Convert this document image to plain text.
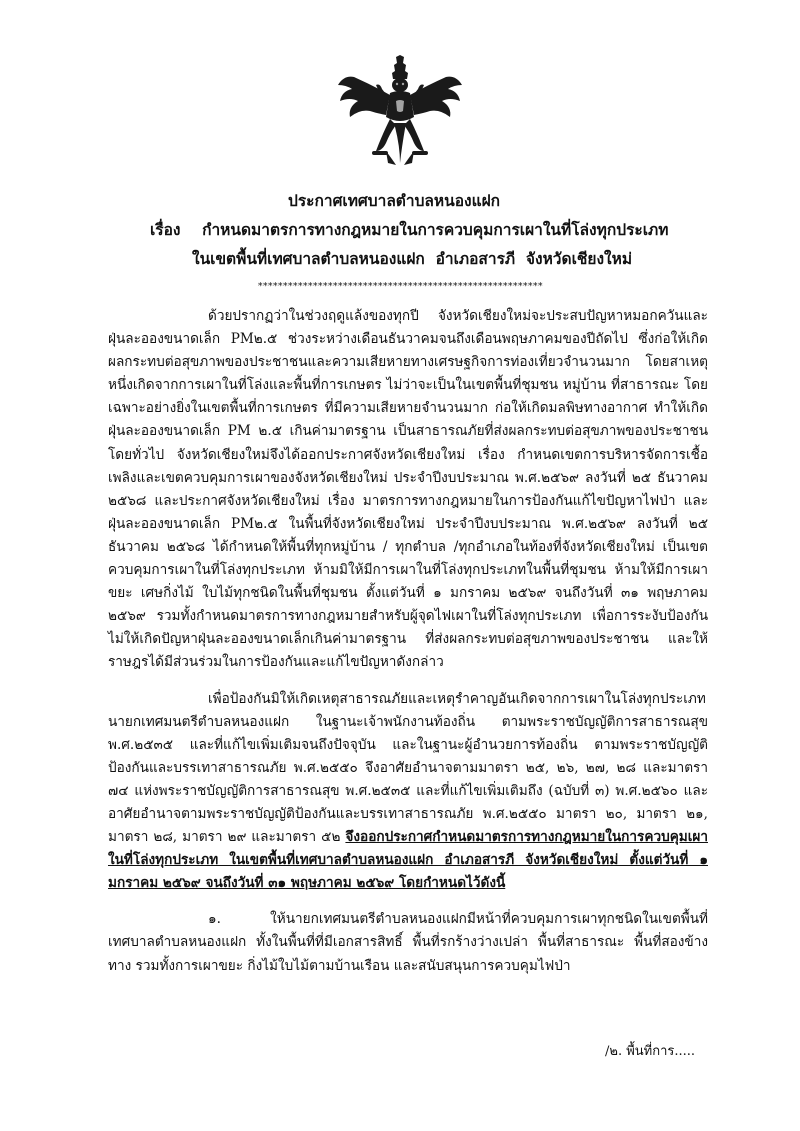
ประกาศเทศบาลตำบลหนองแฝก
เรื่อง    กำหนดมาตรการทางกฎหมายในการควบคุมการเผาในที่โล่งทุกประเภท
ในเขตพื้นที่เทศบาลตำบลหนองแฝก  อำเภอสารภี  จังหวัดเชียงใหม่
*********************************************************

ด้วยปรากฏว่าในช่วงฤดูแล้งของทุกปี จังหวัดเชียงใหม่จะประสบปัญหาหมอกควันและฝุ่นละอองขนาดเล็ก PM๒.๕ ช่วงระหว่างเดือนธันวาคมจนถึงเดือนพฤษภาคมของปีถัดไป ซึ่งก่อให้เกิดผลกระทบต่อสุขภาพของประชาชนและความเสียหายทางเศรษฐกิจการท่องเที่ยวจำนวนมาก โดยสาเหตุหนึ่งเกิดจากการเผาในที่โล่งและพื้นที่การเกษตร ไม่ว่าจะเป็นในเขตพื้นที่ชุมชน หมู่บ้าน ที่สาธารณะ โดยเฉพาะอย่างยิ่งในเขตพื้นที่การเกษตร ที่มีความเสียหายจำนวนมาก ก่อให้เกิดมลพิษทางอากาศ ทำให้เกิดฝุ่นละอองขนาดเล็ก PM ๒.๕ เกินค่ามาตรฐาน เป็นสาธารณภัยที่ส่งผลกระทบต่อสุขภาพของประชาชนโดยทั่วไป จังหวัดเชียงใหม่จึงได้ออกประกาศจังหวัดเชียงใหม่ เรื่อง กำหนดเขตการบริหารจัดการเชื้อเพลิงและเขตควบคุมการเผาของจังหวัดเชียงใหม่ ประจำปีงบประมาณ พ.ศ.๒๕๖๙ ลงวันที่ ๒๕ ธันวาคม ๒๕๖๘ และประกาศจังหวัดเชียงใหม่ เรื่อง มาตรการทางกฎหมายในการป้องกันแก้ไขปัญหาไฟป่า และฝุ่นละอองขนาดเล็ก PM๒.๕ ในพื้นที่จังหวัดเชียงใหม่ ประจำปีงบประมาณ พ.ศ.๒๕๖๙ ลงวันที่ ๒๕ ธันวาคม ๒๕๖๘ ได้กำหนดให้พื้นที่ทุกหมู่บ้าน / ทุกตำบล /ทุกอำเภอในท้องที่จังหวัดเชียงใหม่ เป็นเขตควบคุมการเผาในที่โล่งทุกประเภท ห้ามมิให้มีการเผาในที่โล่งทุกประเภทในพื้นที่ชุมชน ห้ามให้มีการเผาขยะ เศษกิ่งไม้ ใบไม้ทุกชนิดในพื้นที่ชุมชน ตั้งแต่วันที่ ๑ มกราคม ๒๕๖๙ จนถึงวันที่ ๓๑ พฤษภาคม ๒๕๖๙ รวมทั้งกำหนดมาตรการทางกฎหมายสำหรับผู้จุดไฟเผาในที่โล่งทุกประเภท เพื่อการระงับป้องกันไม่ให้เกิดปัญหาฝุ่นละอองขนาดเล็กเกินค่ามาตรฐาน ที่ส่งผลกระทบต่อสุขภาพของประชาชน และให้ราษฎรได้มีส่วนร่วมในการป้องกันและแก้ไขปัญหาดังกล่าว

เพื่อป้องกันมิให้เกิดเหตุสาธารณภัยและเหตุรำคาญอันเกิดจากการเผาในโล่งทุกประเภท นายกเทศมนตรีตำบลหนองแฝก ในฐานะเจ้าพนักงานท้องถิ่น ตามพระราชบัญญัติการสาธารณสุข พ.ศ.๒๕๓๕ และที่แก้ไขเพิ่มเติมจนถึงปัจจุบัน และในฐานะผู้อำนวยการท้องถิ่น ตามพระราชบัญญัติป้องกันและบรรเทาสาธารณภัย พ.ศ.๒๕๕๐ จึงอาศัยอำนาจตามมาตรา ๒๕, ๒๖, ๒๗, ๒๘ และมาตรา ๗๔ แห่งพระราชบัญญัติการสาธารณสุข พ.ศ.๒๕๓๕ และที่แก้ไขเพิ่มเติมถึง (ฉบับที่ ๓) พ.ศ.๒๕๖๐ และอาศัยอำนาจตามพระราชบัญญัติป้องกันและบรรเทาสาธารณภัย พ.ศ.๒๕๕๐ มาตรา ๒๐, มาตรา ๒๑, มาตรา ๒๘, มาตรา ๒๙ และมาตรา ๕๒ จึงออกประกาศกำหนดมาตรการทางกฎหมายในการควบคุมเผาในที่โล่งทุกประเภท ในเขตพื้นที่เทศบาลตำบลหนองแฝก อำเภอสารภี จังหวัดเชียงใหม่ ตั้งแต่วันที่ ๑ มกราคม ๒๕๖๙ จนถึงวันที่ ๓๑ พฤษภาคม ๒๕๖๙ โดยกำหนดไว้ดังนี้

๑. ให้นายกเทศมนตรีตำบลหนองแฝกมีหน้าที่ควบคุมการเผาทุกชนิดในเขตพื้นที่เทศบาลตำบลหนองแฝก ทั้งในพื้นที่ที่มีเอกสารสิทธิ์ พื้นที่รกร้างว่างเปล่า พื้นที่สาธารณะ พื้นที่สองข้างทาง รวมทั้งการเผาขยะ กิ่งไม้ใบไม้ตามบ้านเรือน และสนับสนุนการควบคุมไฟป่า

/๒. พื้นที่การ.....
